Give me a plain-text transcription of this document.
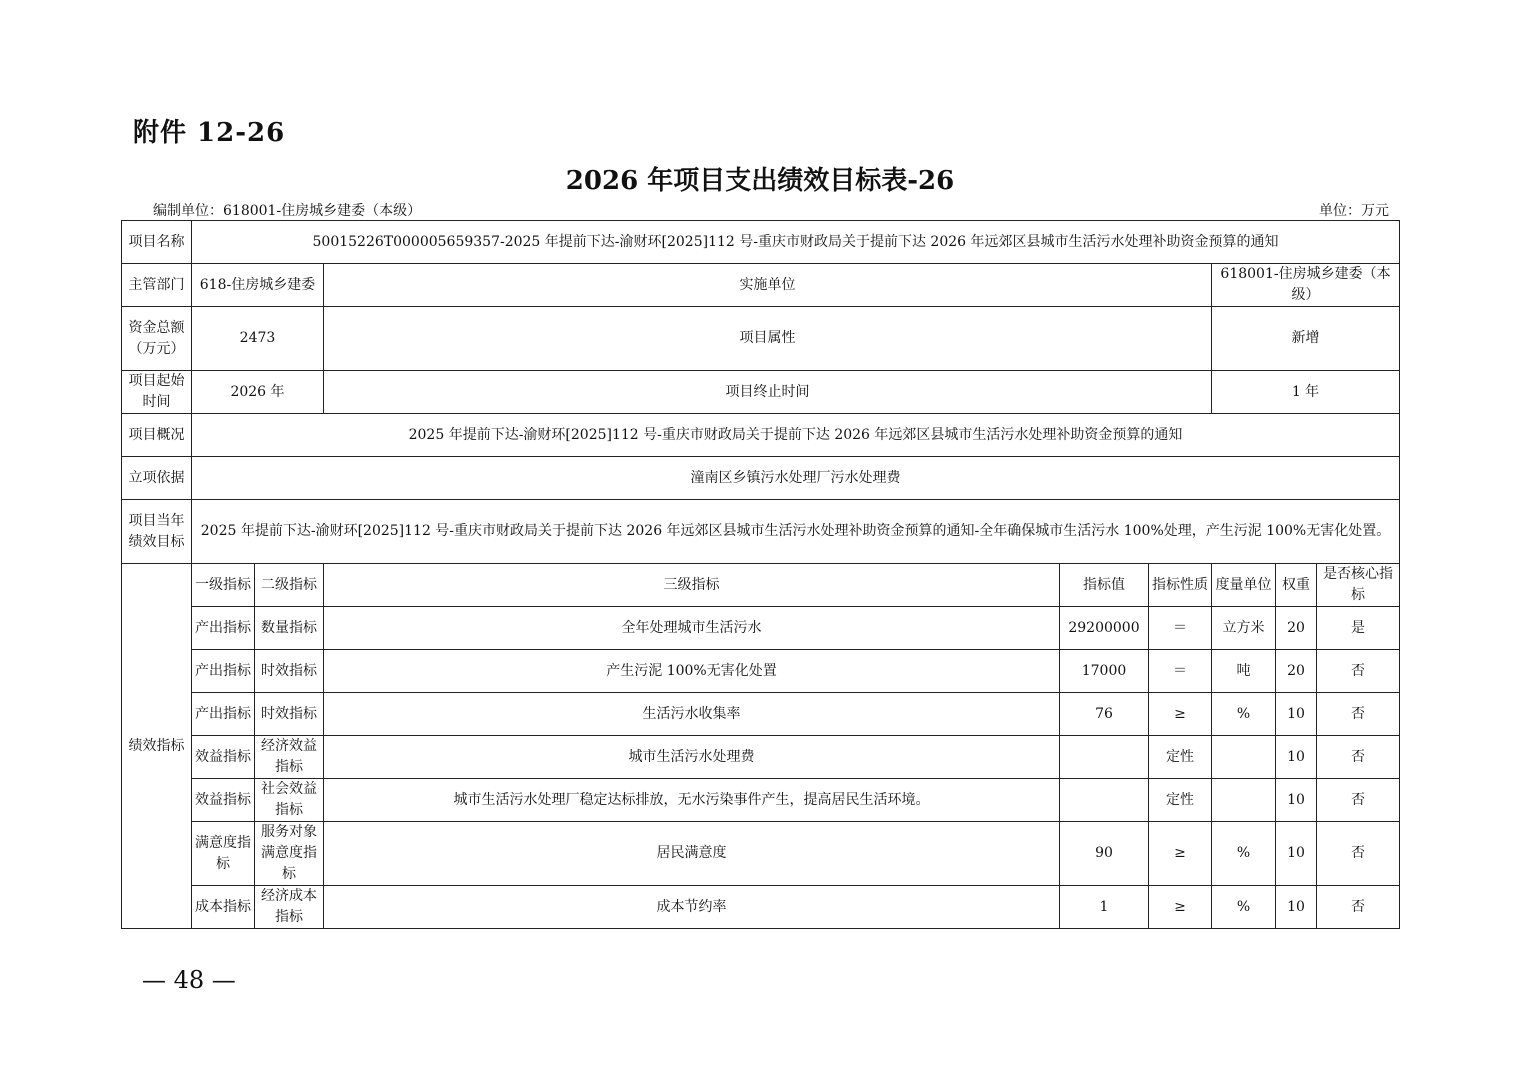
附件 12-26
2026 年项目支出绩效目标表-26
编制单位：618001-住房城乡建委（本级）	单位：万元
项目名称	50015226T000005659357-2025 年提前下达-渝财环[2025]112 号-重庆市财政局关于提前下达 2026 年远郊区县城市生活污水处理补助资金预算的通知							
主管部门	618-住房城乡建委		实施单位			618001-住房城乡建委（本级）		
资金总额（万元）	2473		项目属性			新增		
项目起始时间	2026 年		项目终止时间			1 年		
项目概况	2025 年提前下达-渝财环[2025]112 号-重庆市财政局关于提前下达 2026 年远郊区县城市生活污水处理补助资金预算的通知							
立项依据	潼南区乡镇污水处理厂污水处理费							
项目当年绩效目标	2025 年提前下达-渝财环[2025]112 号-重庆市财政局关于提前下达 2026 年远郊区县城市生活污水处理补助资金预算的通知-全年确保城市生活污水 100%处理，产生污泥 100%无害化处置。							
绩效指标	一级指标	二级指标	三级指标	指标值	指标性质	度量单位	权重	是否核心指标
	产出指标	数量指标	全年处理城市生活污水	29200000	＝	立方米	20	是
	产出指标	时效指标	产生污泥 100%无害化处置	17000	＝	吨	20	否
	产出指标	时效指标	生活污水收集率	76	≥	%	10	否
	效益指标	经济效益指标	城市生活污水处理费		定性		10	否
	效益指标	社会效益指标	城市生活污水处理厂稳定达标排放，无水污染事件产生，提高居民生活环境。		定性		10	否
	满意度指标	服务对象满意度指标	居民满意度	90	≥	%	10	否
	成本指标	经济成本指标	成本节约率	1	≥	%	10	否
— 48 —
